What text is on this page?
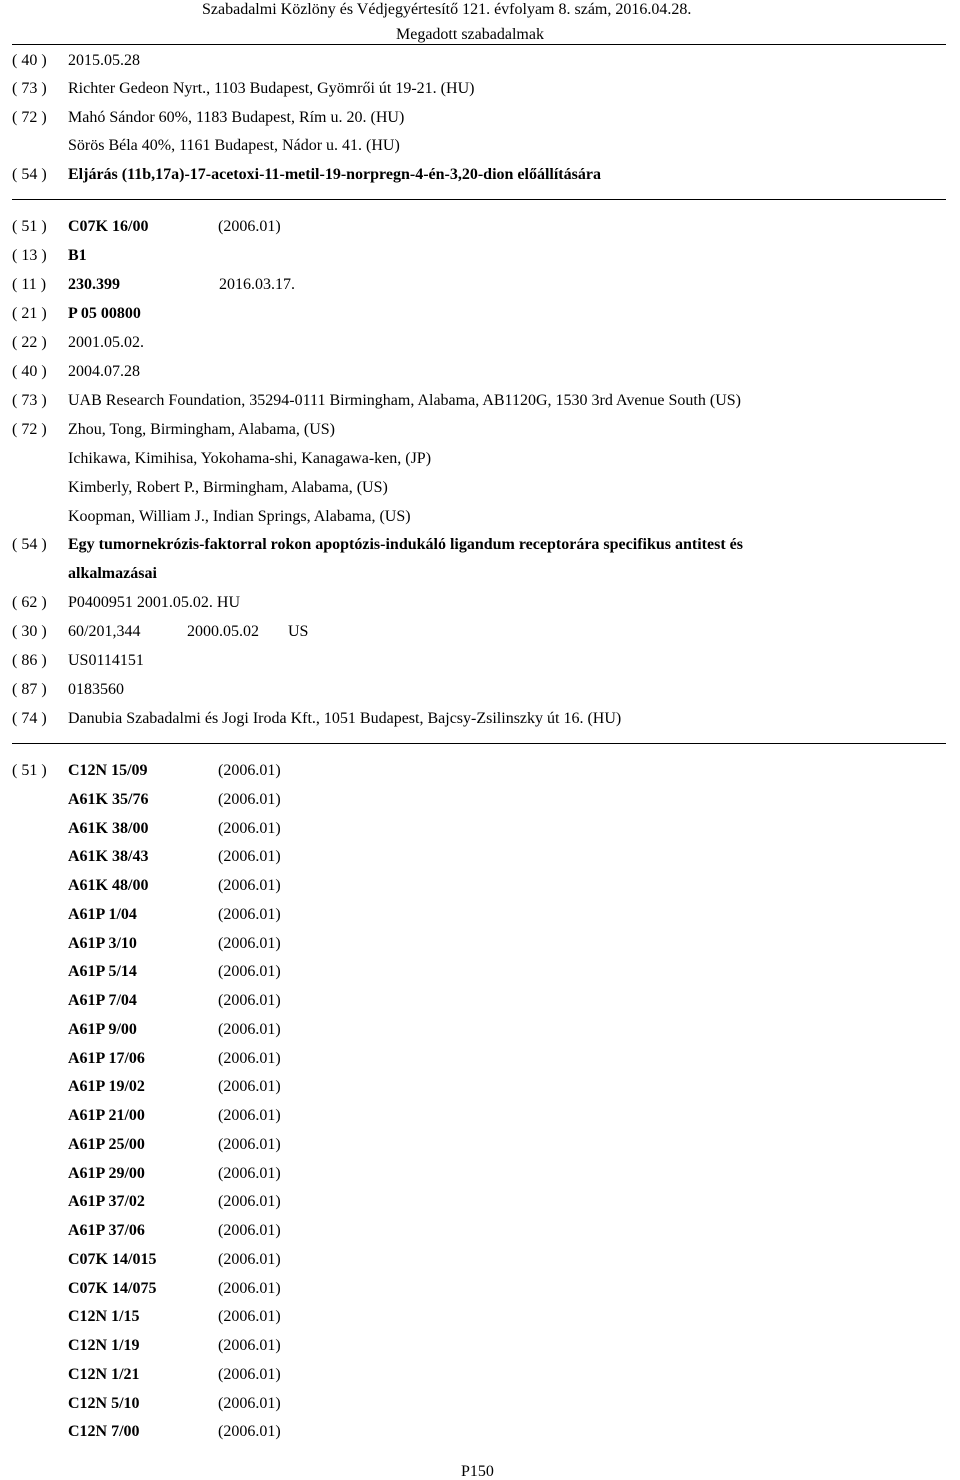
Szabadalmi Közlöny és Védjegyértesítő 121. évfolyam 8. szám, 2016.04.28.
Megadott szabadalmak
( 40 ) 2015.05.28
( 73 ) Richter Gedeon Nyrt., 1103 Budapest, Gyömrői út 19-21. (HU)
( 72 ) Mahó Sándor 60%, 1183 Budapest, Rím u. 20. (HU)
Sörös Béla 40%, 1161 Budapest, Nádor u. 41. (HU)
( 54 ) Eljárás (11b,17a)-17-acetoxi-11-metil-19-norpregn-4-én-3,20-dion előállítására
( 51 ) C07K 16/00	(2006.01)
( 13 ) B1
( 11 ) 230.399	2016.03.17.
( 21 ) P 05 00800
( 22 ) 2001.05.02.
( 40 ) 2004.07.28
( 73 ) UAB Research Foundation, 35294-0111 Birmingham, Alabama, AB1120G, 1530 3rd Avenue South (US)
( 72 ) Zhou, Tong, Birmingham, Alabama, (US)
Ichikawa, Kimihisa, Yokohama-shi, Kanagawa-ken, (JP)
Kimberly, Robert P., Birmingham, Alabama, (US)
Koopman, William J., Indian Springs, Alabama, (US)
( 54 ) Egy tumornekrózis-faktorral rokon apoptózis-indukáló ligandum receptorára specifikus antitest és
alkalmazásai
( 62 ) P0400951 2001.05.02. HU
( 30 ) 60/201,344	2000.05.02 US
( 86 ) US0114151
( 87 ) 0183560
( 74 ) Danubia Szabadalmi és Jogi Iroda Kft., 1051 Budapest, Bajcsy-Zsilinszky út 16. (HU)
( 51 ) C12N 15/09	(2006.01)
A61K 35/76	(2006.01)
A61K 38/00	(2006.01)
A61K 38/43	(2006.01)
A61K 48/00	(2006.01)
A61P 1/04	(2006.01)
A61P 3/10	(2006.01)
A61P 5/14	(2006.01)
A61P 7/04	(2006.01)
A61P 9/00	(2006.01)
A61P 17/06	(2006.01)
A61P 19/02	(2006.01)
A61P 21/00	(2006.01)
A61P 25/00	(2006.01)
A61P 29/00	(2006.01)
A61P 37/02	(2006.01)
A61P 37/06	(2006.01)
C07K 14/015	(2006.01)
C07K 14/075	(2006.01)
C12N 1/15	(2006.01)
C12N 1/19	(2006.01)
C12N 1/21	(2006.01)
C12N 5/10	(2006.01)
C12N 7/00	(2006.01)
P150
